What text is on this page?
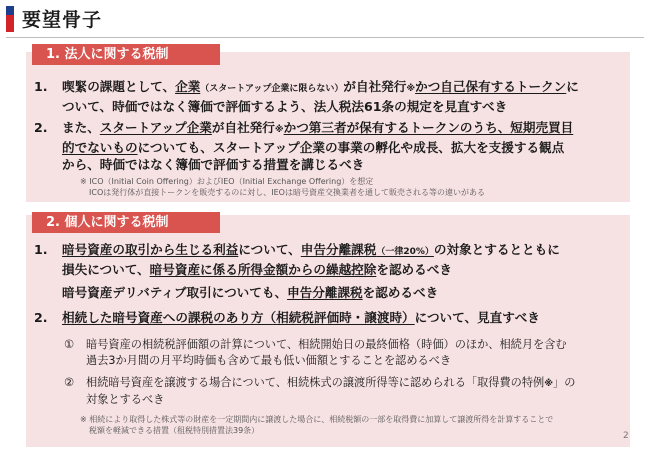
要望骨子
1. 法人に関する税制
1. 喫緊の課題として、企業（スタートアップ企業に限らない）が自社発行※かつ自己保有するトークンに
ついて、時価ではなく簿価で評価するよう、法人税法61条の規定を見直すべき
2. また、スタートアップ企業が自社発行※かつ第三者が保有するトークンのうち、短期売買目
的でないものについても、スタートアップ企業の事業の孵化や成長、拡大を支援する観点
から、時価ではなく簿価で評価する措置を講じるべき
※ ICO（Initial Coin Offering）およびIEO（Initial Exchange Offering）を想定
ICOは発行体が直接トークンを販売するのに対し、IEOは暗号資産交換業者を通して販売される等の違いがある
2. 個人に関する税制
1. 暗号資産の取引から生じる利益について、申告分離課税（一律20%）の対象とするとともに
損失について、暗号資産に係る所得金額からの繰越控除を認めるべき
暗号資産デリバティブ取引についても、申告分離課税を認めるべき
2. 相続した暗号資産への課税のあり方（相続税評価時・譲渡時）について、見直すべき
① 暗号資産の相続税評価額の計算について、相続開始日の最終価格（時価）のほか、相続月を含む
過去3か月間の月平均時価も含めて最も低い価額とすることを認めるべき
② 相続暗号資産を譲渡する場合について、相続株式の譲渡所得等に認められる「取得費の特例※」の
対象とするべき
※ 相続により取得した株式等の財産を一定期間内に譲渡した場合に、相続税額の一部を取得費に加算して譲渡所得を計算することで
税額を軽減できる措置（租税特別措置法39条）
2
